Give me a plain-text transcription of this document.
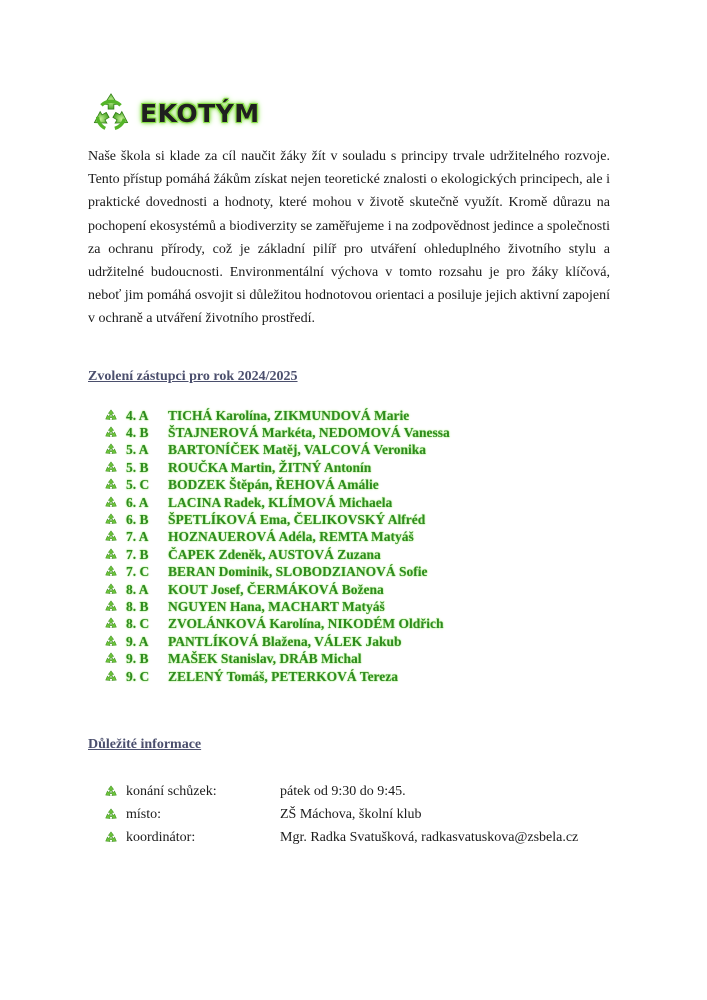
EKOTÝM

Naše škola si klade za cíl naučit žáky žít v souladu s principy trvale udržitelného rozvoje. Tento přístup pomáhá žákům získat nejen teoretické znalosti o ekologických principech, ale i praktické dovednosti a hodnoty, které mohou v životě skutečně využít. Kromě důrazu na pochopení ekosystémů a biodiverzity se zaměřujeme i na zodpovědnost jedince a společnosti za ochranu přírody, což je základní pilíř pro utváření ohleduplného životního stylu a udržitelné budoucnosti. Environmentální výchova v tomto rozsahu je pro žáky klíčová, neboť jim pomáhá osvojit si důležitou hodnotovou orientaci a posiluje jejich aktivní zapojení v ochraně a utváření životního prostředí.

Zvolení zástupci pro rok 2024/2025
4. A	TICHÁ Karolína, ZIKMUNDOVÁ Marie
4. B	ŠTAJNEROVÁ Markéta, NEDOMOVÁ Vanessa
5. A	BARTONÍČEK Matěj, VALCOVÁ Veronika
5. B	ROUČKA Martin, ŽITNÝ Antonín
5. C	BODZEK Štěpán, ŘEHOVÁ Amálie
6. A	LACINA Radek, KLÍMOVÁ Michaela
6. B	ŠPETLÍKOVÁ Ema, ČELIKOVSKÝ Alfréd
7. A	HOZNAUEROVÁ Adéla, REMTA Matyáš
7. B	ČAPEK Zdeněk, AUSTOVÁ Zuzana
7. C	BERAN Dominik, SLOBODZIANOVÁ Sofie
8. A	KOUT Josef, ČERMÁKOVÁ Božena
8. B	NGUYEN Hana, MACHART Matyáš
8. C	ZVOLÁNKOVÁ Karolína, NIKODÉM Oldřich
9. A	PANTLÍKOVÁ Blažena, VÁLEK Jakub
9. B	MAŠEK Stanislav, DRÁB Michal
9. C	ZELENÝ Tomáš, PETERKOVÁ Tereza
Důležité informace
konání schůzek:	pátek od 9:30 do 9:45.
místo:	ZŠ Máchova, školní klub
koordinátor:	Mgr. Radka Svatušková, radkasvatuskova@zsbela.cz
